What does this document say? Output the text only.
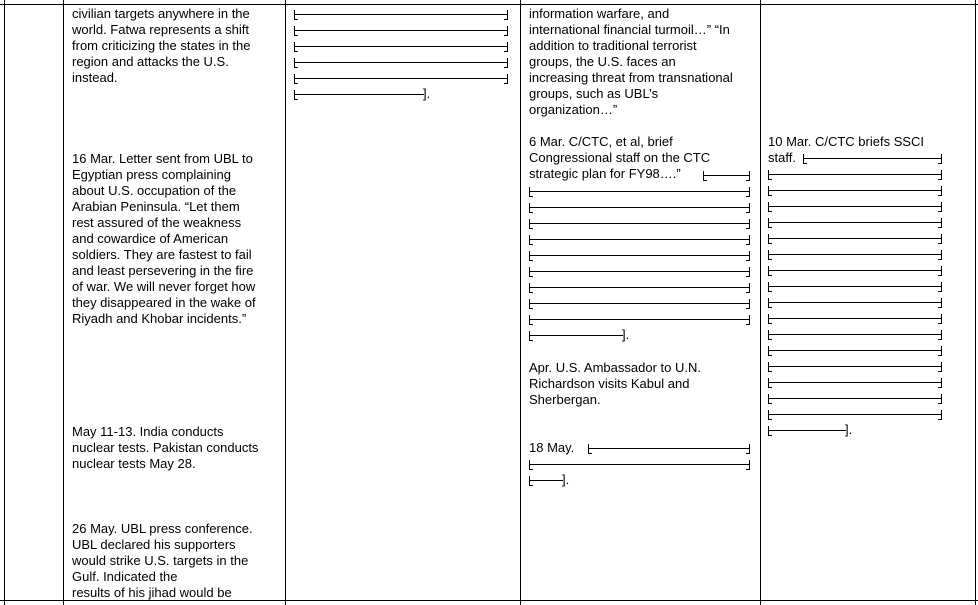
civilian targets anywhere in the
world. Fatwa represents a shift
from criticizing the states in the
region and attacks the U.S.
instead.
16 Mar. Letter sent from UBL to
Egyptian press complaining
about U.S. occupation of the
Arabian Peninsula. “Let them
rest assured of the weakness
and cowardice of American
soldiers. They are fastest to fail
and least persevering in the fire
of war. We will never forget how
they disappeared in the wake of
Riyadh and Khobar incidents.”
May 11-13. India conducts
nuclear tests. Pakistan conducts
nuclear tests May 28.
26 May. UBL press conference.
UBL declared his supporters
would strike U.S. targets in the
Gulf. Indicated the
results of his jihad would be
].
information warfare, and
international financial turmoil…” “In
addition to traditional terrorist
groups, the U.S. faces an
increasing threat from transnational
groups, such as UBL’s
organization…”
6 Mar. C/CTC, et al, brief
Congressional staff on the CTC
strategic plan for FY98….”
Apr. U.S. Ambassador to U.N.
Richardson visits Kabul and
Sherbergan.
18 May.
].
].
10 Mar. C/CTC briefs SSCI
staff.
].
